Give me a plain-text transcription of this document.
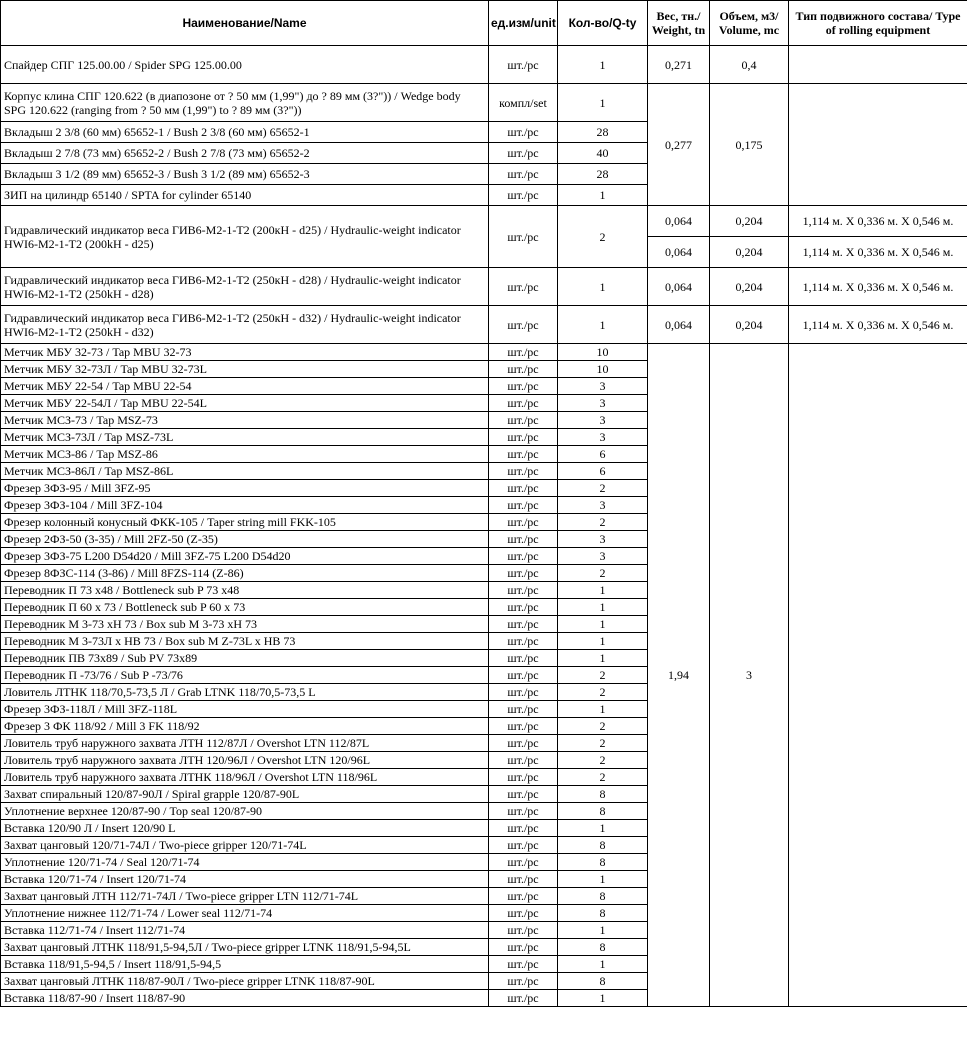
Наименование/Name	ед.изм/unit	Кол-во/Q-ty	Вес, тн./ Weight, tn	Объем, м3/ Volume, mc	Тип подвижного состава/ Type of rolling equipment
Спайдер СПГ 125.00.00 / Spider SPG 125.00.00	шт./pc	1	0,271	0,4	
Корпус клина СПГ 120.622 (в диапозоне от ? 50 мм (1,99") до ? 89 мм (3?")) / Wedge body SPG 120.622 (ranging from ? 50 мм (1,99") to ? 89 мм (3?"))	компл/set	1	0,277	0,175	
Вкладыш 2 3/8 (60 мм) 65652-1 / Bush 2 3/8 (60 мм) 65652-1	шт./pc	28			
Вкладыш 2 7/8 (73 мм) 65652-2 / Bush 2 7/8 (73 мм) 65652-2	шт./pc	40			
Вкладыш 3 1/2 (89 мм) 65652-3 / Bush 3 1/2 (89 мм) 65652-3	шт./pc	28			
ЗИП на цилиндр 65140 / SPTA for cylinder 65140	шт./pc	1			
Гидравлический индикатор веса ГИВ6-М2-1-Т2 (200кН - d25) / Hydraulic-weight indicator HWI6-M2-1-T2 (200kH - d25)	шт./pc	2	0,064	0,204	1,114 м. Х 0,336 м. Х 0,546 м.
			0,064	0,204	1,114 м. Х 0,336 м. Х 0,546 м.
Гидравлический индикатор веса ГИВ6-М2-1-Т2 (250кН - d28) / Hydraulic-weight indicator HWI6-M2-1-T2 (250kH - d28)	шт./pc	1	0,064	0,204	1,114 м. Х 0,336 м. Х 0,546 м.
Гидравлический индикатор веса ГИВ6-М2-1-Т2 (250кН - d32) / Hydraulic-weight indicator HWI6-M2-1-T2 (250kH - d32)	шт./pc	1	0,064	0,204	1,114 м. Х 0,336 м. Х 0,546 м.
Метчик МБУ 32-73 / Tap MBU 32-73	шт./pc	10	1,94	3	
Метчик МБУ 32-73Л / Tap MBU 32-73L	шт./pc	10			
Метчик МБУ 22-54 / Tap MBU 22-54	шт./pc	3			
Метчик МБУ 22-54Л / Tap MBU 22-54L	шт./pc	3			
Метчик МСЗ-73 / Tap MSZ-73	шт./pc	3			
Метчик МСЗ-73Л / Tap MSZ-73L	шт./pc	3			
Метчик МСЗ-86 / Tap MSZ-86	шт./pc	6			
Метчик МСЗ-86Л / Tap MSZ-86L	шт./pc	6			
Фрезер 3ФЗ-95 / Mill 3FZ-95	шт./pc	2			
Фрезер 3ФЗ-104 / Mill 3FZ-104	шт./pc	3			
Фрезер колонный конусный ФКК-105 / Taper string mill FKK-105	шт./pc	2			
Фрезер 2ФЗ-50 (3-35) / Mill 2FZ-50 (Z-35)	шт./pc	3			
Фрезер 3ФЗ-75 L200 D54d20 / Mill 3FZ-75 L200 D54d20	шт./pc	3			
Фрезер 8ФЗС-114 (3-86) / Mill 8FZS-114 (Z-86)	шт./pc	2			
Переводник П 73 х48 / Bottleneck sub P 73 x48	шт./pc	1			
Переводник П 60 х 73 / Bottleneck sub P 60 x 73	шт./pc	1			
Переводник М 3-73 хН 73 / Box sub M 3-73 xH 73	шт./pc	1			
Переводник М 3-73Л х НВ 73 / Box sub M Z-73L x HB 73	шт./pc	1			
Переводник ПВ 73х89 / Sub PV 73x89	шт./pc	1			
Переводник П -73/76 / Sub P -73/76	шт./pc	2			
Ловитель ЛТНК 118/70,5-73,5 Л / Grab LTNK 118/70,5-73,5 L	шт./pc	2			
Фрезер 3ФЗ-118Л / Mill 3FZ-118L	шт./pc	1			
Фрезер 3 ФК 118/92 / Mill 3 FK 118/92	шт./pc	2			
Ловитель труб наружного захвата ЛТН 112/87Л / Overshot LTN 112/87L	шт./pc	2			
Ловитель труб наружного захвата ЛТН 120/96Л / Overshot LTN 120/96L	шт./pc	2			
Ловитель труб наружного захвата ЛТНК 118/96Л / Overshot LTN 118/96L	шт./pc	2			
Захват спиральный 120/87-90Л / Spiral grapple 120/87-90L	шт./pc	8			
Уплотнение верхнее 120/87-90 / Top seal 120/87-90	шт./pc	8			
Вставка 120/90 Л / Insert 120/90 L	шт./pc	1			
Захват цанговый 120/71-74Л / Two-piece gripper 120/71-74L	шт./pc	8			
Уплотнение 120/71-74 / Seal 120/71-74	шт./pc	8			
Вставка 120/71-74 / Insert 120/71-74	шт./pc	1			
Захват цанговый ЛТН 112/71-74Л / Two-piece gripper LTN 112/71-74L	шт./pc	8			
Уплотнение нижнее 112/71-74 / Lower seal 112/71-74	шт./pc	8			
Вставка 112/71-74 / Insert 112/71-74	шт./pc	1			
Захват цанговый ЛТНК 118/91,5-94,5Л / Two-piece gripper LTNK 118/91,5-94,5L	шт./pc	8			
Вставка 118/91,5-94,5 / Insert 118/91,5-94,5	шт./pc	1			
Захват цанговый ЛТНК 118/87-90Л / Two-piece gripper LTNK 118/87-90L	шт./pc	8			
Вставка 118/87-90 / Insert 118/87-90	шт./pc	1			
